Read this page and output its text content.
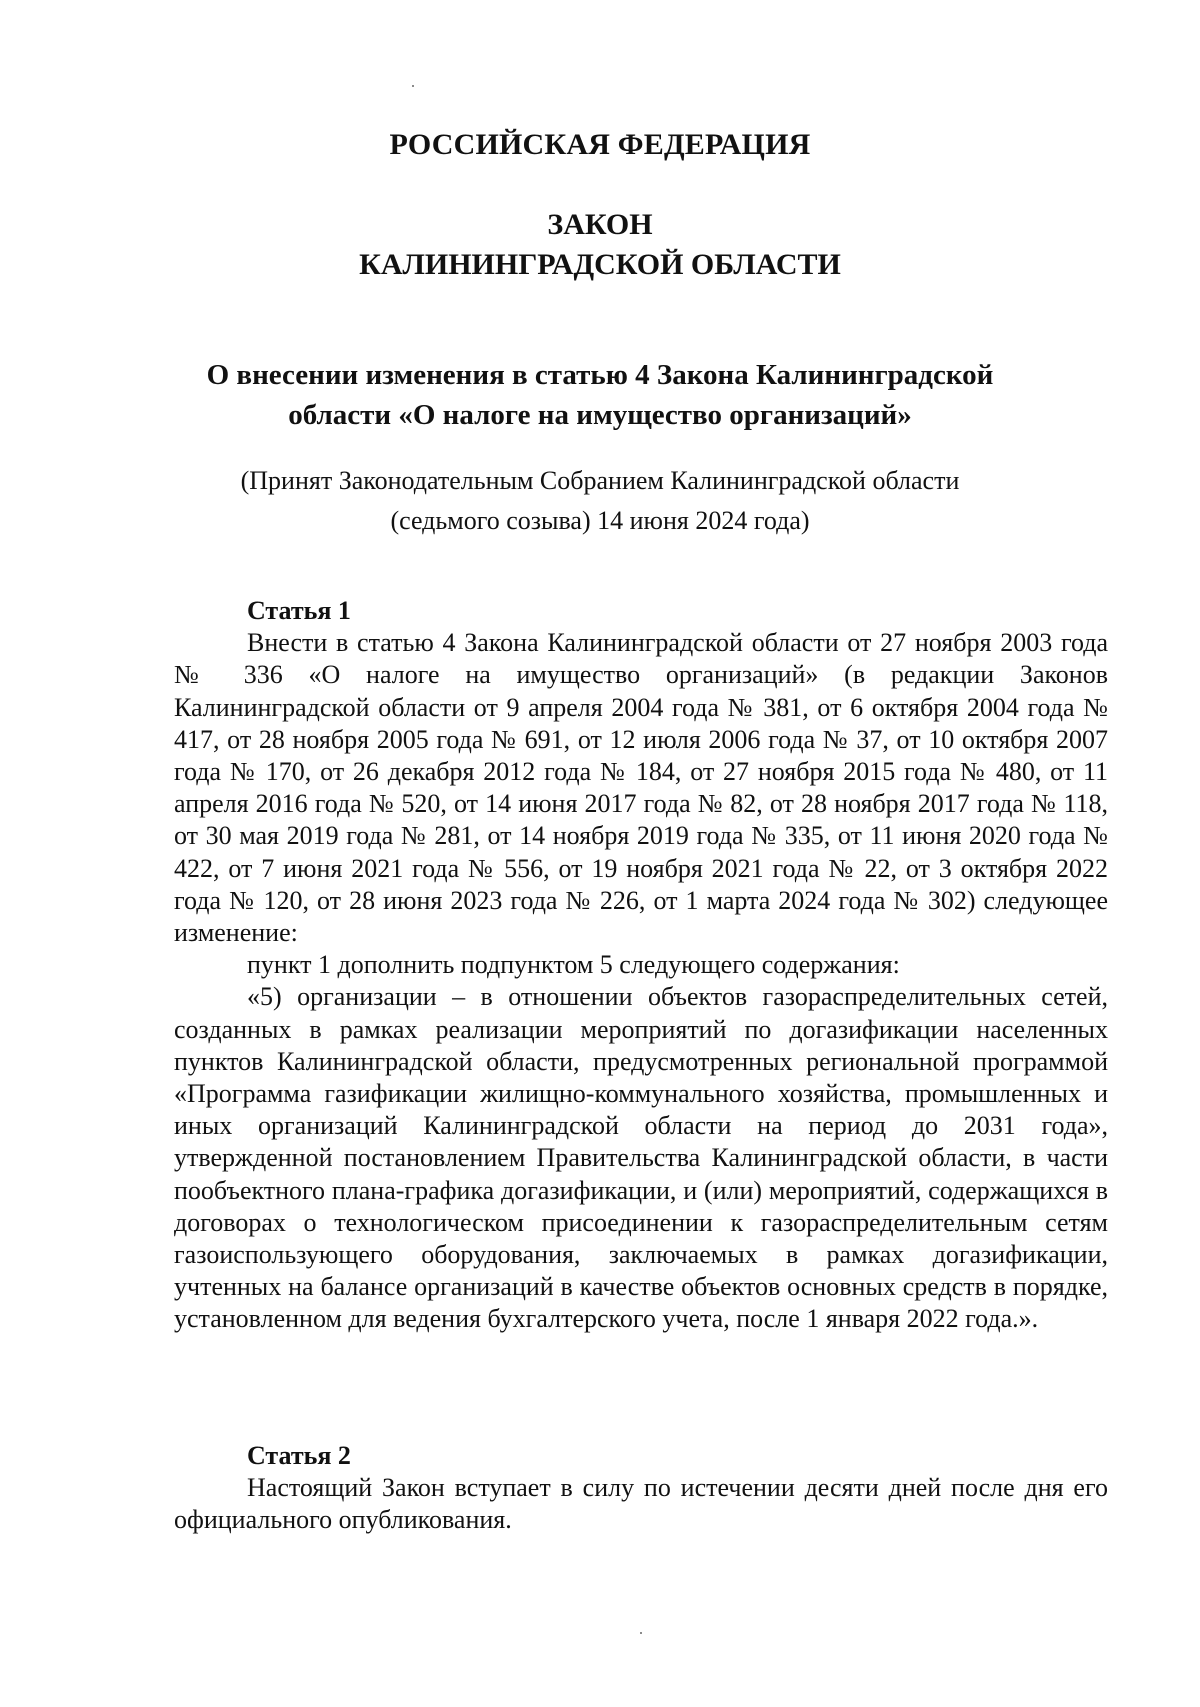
РОССИЙСКАЯ ФЕДЕРАЦИЯ
ЗАКОН
КАЛИНИНГРАДСКОЙ ОБЛАСТИ
О внесении изменения в статью 4 Закона Калининградской
области «О налоге на имущество организаций»
(Принят Законодательным Собранием Калининградской области
(седьмого созыва) 14 июня 2024 года)
Статья 1

Внести в статью 4 Закона Калининградской области от 27 ноября 2003 года № 336 «О налоге на имущество организаций» (в редакции Законов Калининградской области от 9 апреля 2004 года № 381, от 6 октября 2004 года № 417, от 28 ноября 2005 года № 691, от 12 июля 2006 года № 37, от 10 октября 2007 года № 170, от 26 декабря 2012 года № 184, от 27 ноября 2015 года № 480, от 11 апреля 2016 года № 520, от 14 июня 2017 года № 82, от 28 ноября 2017 года № 118, от 30 мая 2019 года № 281, от 14 ноября 2019 года № 335, от 11 июня 2020 года № 422, от 7 июня 2021 года № 556, от 19 ноября 2021 года № 22, от 3 октября 2022 года № 120, от 28 июня 2023 года № 226, от 1 марта 2024 года № 302) следующее изменение:

пункт 1 дополнить подпунктом 5 следующего содержания:

«5) организации – в отношении объектов газораспределительных сетей, созданных в рамках реализации мероприятий по догазификации населенных пунктов Калининградской области, предусмотренных региональной программой «Программа газификации жилищно-коммунального хозяйства, промышленных и иных организаций Калининградской области на период до 2031 года», утвержденной постановлением Правительства Калининградской области, в части пообъектного плана-графика догазификации, и (или) мероприятий, содержащихся в договорах о технологическом присоединении к газораспределительным сетям газоиспользующего оборудования, заключаемых в рамках догазификации, учтенных на балансе организаций в качестве объектов основных средств в порядке, установленном для ведения бухгалтерского учета, после 1 января 2022 года.».

Статья 2

Настоящий Закон вступает в силу по истечении десяти дней после дня его официального опубликования.
